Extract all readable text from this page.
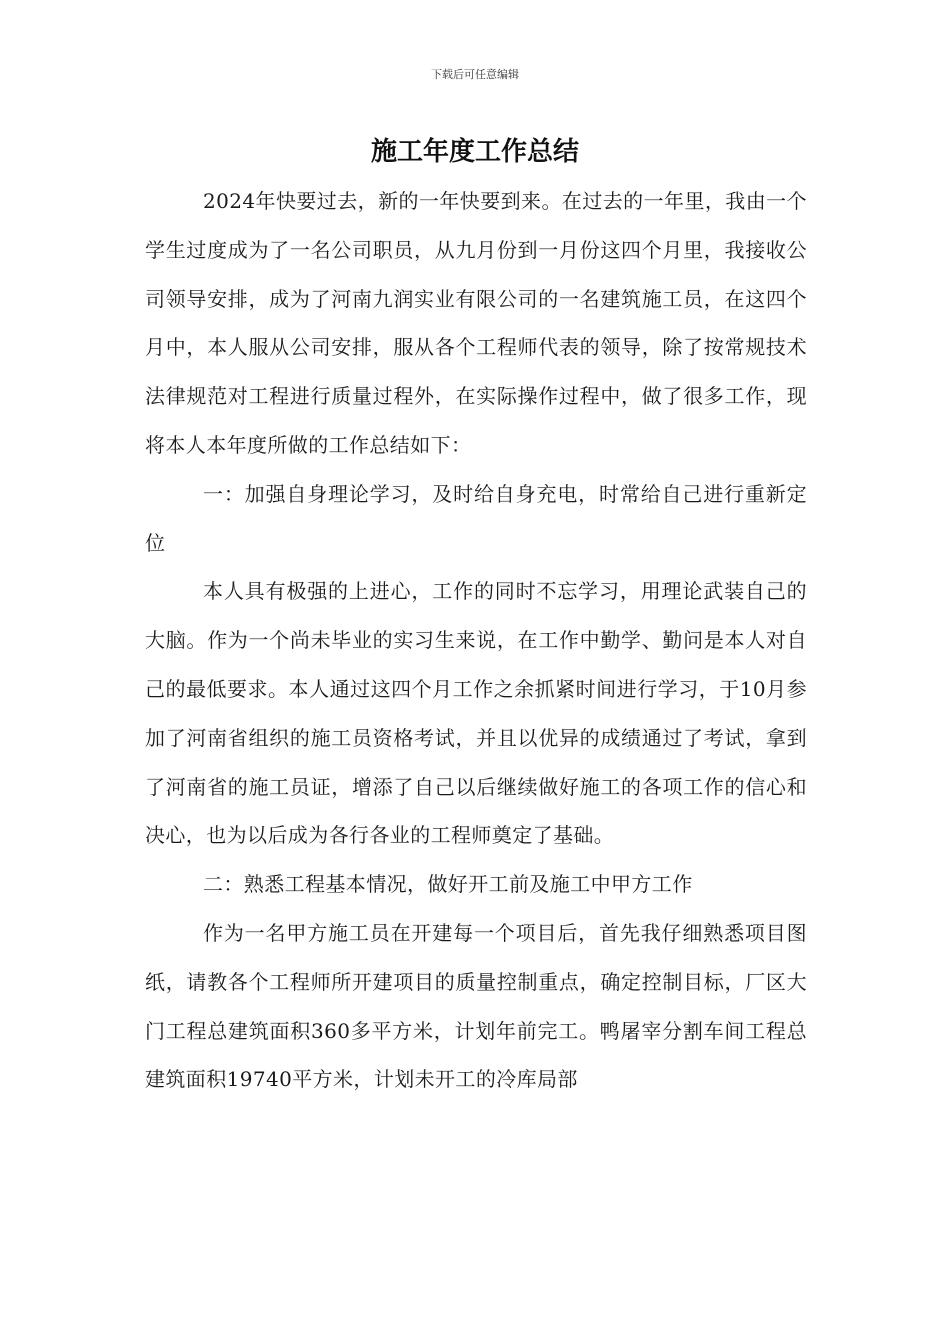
下载后可任意编辑
施工年度工作总结

2024年快要过去，新的一年快要到来。在过去的一年里，我由一个学生过度成为了一名公司职员，从九月份到一月份这四个月里，我接收公司领导安排，成为了河南九润实业有限公司的一名建筑施工员，在这四个月中，本人服从公司安排，服从各个工程师代表的领导，除了按常规技术法律规范对工程进行质量过程外，在实际操作过程中，做了很多工作，现将本人本年度所做的工作总结如下：

一：加强自身理论学习，及时给自身充电，时常给自己进行重新定位

本人具有极强的上进心，工作的同时不忘学习，用理论武装自己的大脑。作为一个尚未毕业的实习生来说，在工作中勤学、勤问是本人对自己的最低要求。本人通过这四个月工作之余抓紧时间进行学习，于10月参加了河南省组织的施工员资格考试，并且以优异的成绩通过了考试，拿到了河南省的施工员证，增添了自己以后继续做好施工的各项工作的信心和决心，也为以后成为各行各业的工程师奠定了基础。

二：熟悉工程基本情况，做好开工前及施工中甲方工作

作为一名甲方施工员在开建每一个项目后，首先我仔细熟悉项目图纸，请教各个工程师所开建项目的质量控制重点，确定控制目标，厂区大门工程总建筑面积360多平方米，计划年前完工。鸭屠宰分割车间工程总建筑面积19740平方米，计划未开工的冷库局部
